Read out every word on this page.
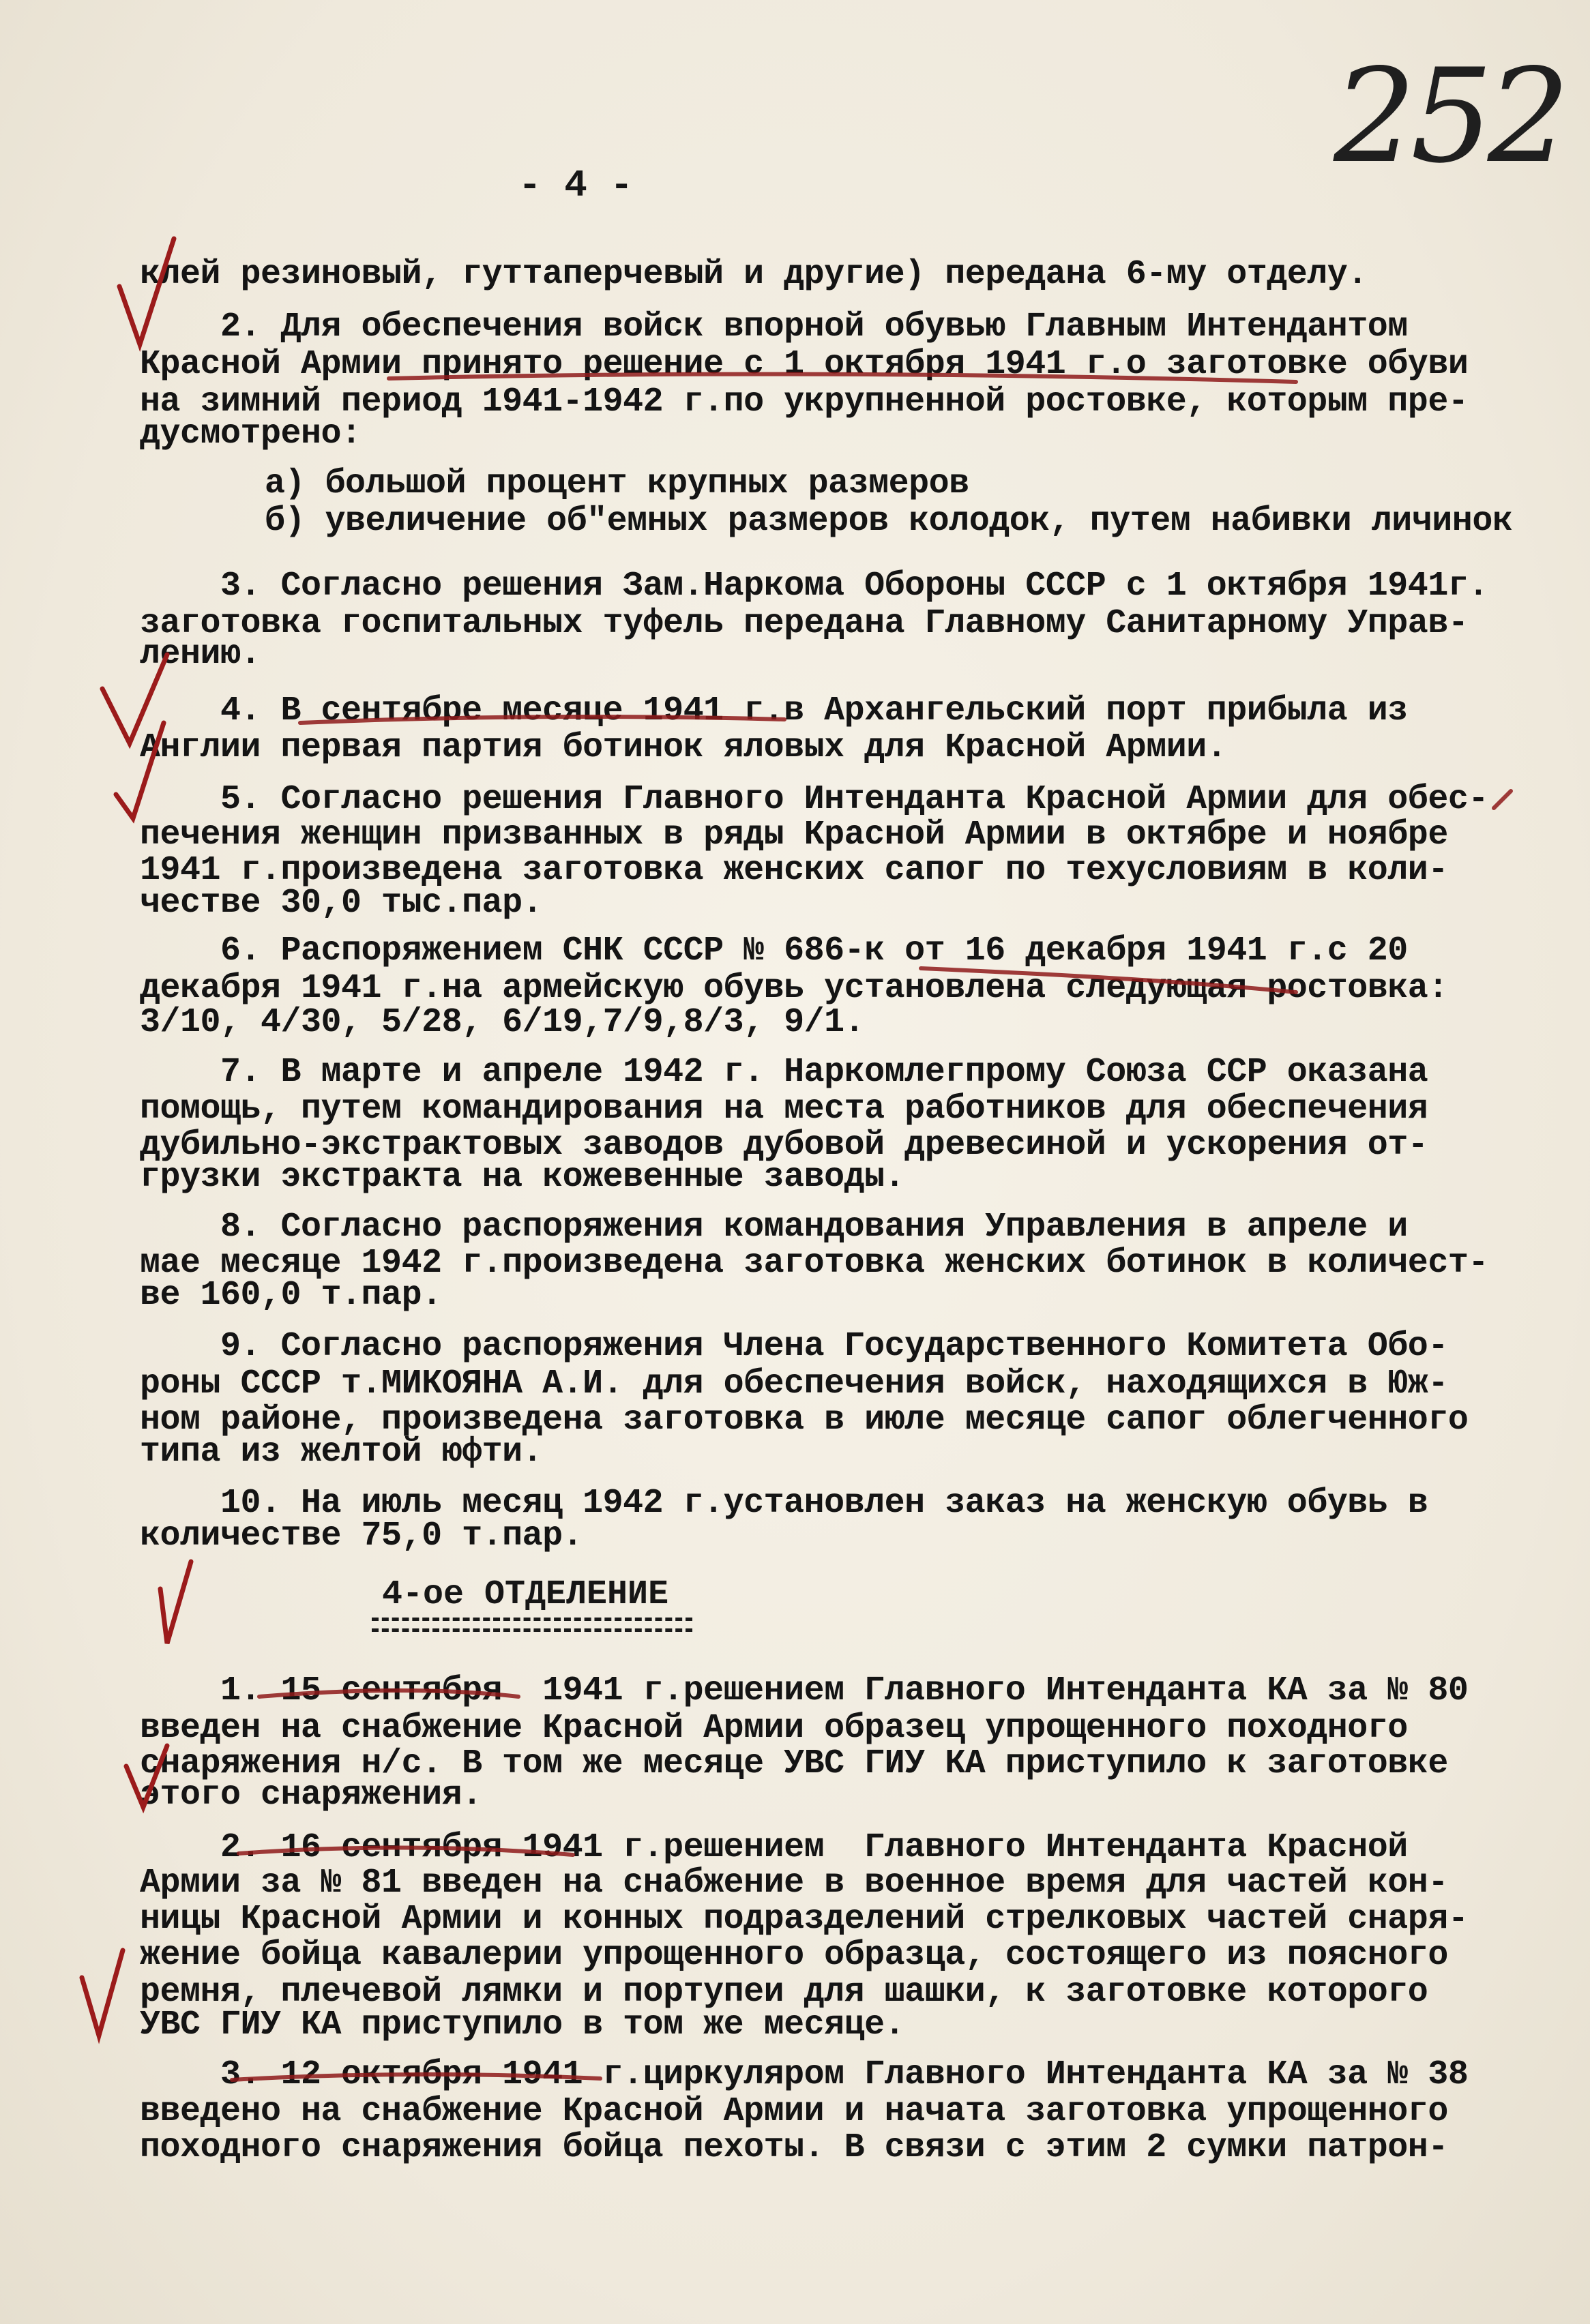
252
- 4 -
клей резиновый, гуттаперчевый и другие) передана 6-му отделу.
2. Для обеспечения войск впорной обувью Главным Интендантом
Красной Армии принято решение с 1 октября 1941 г.о заготовке обуви
на зимний период 1941-1942 г.по укрупненной ростовке, которым пре-
дусмотрено:
а) большой процент крупных размеров
б) увеличение об"емных размеров колодок, путем набивки личинок
3. Согласно решения Зам.Наркома Обороны СССР с 1 октября 1941г.
заготовка госпитальных туфель передана Главному Санитарному Управ-
лению.
4. В сентябре месяце 1941 г.в Архангельский порт прибыла из
Англии первая партия ботинок яловых для Красной Армии.
5. Согласно решения Главного Интенданта Красной Армии для обес-
печения женщин призванных в ряды Красной Армии в октябре и ноябре
1941 г.произведена заготовка женских сапог по техусловиям в коли-
честве 30,0 тыс.пар.
6. Распоряжением СНК СССР № 686-к от 16 декабря 1941 г.с 20
декабря 1941 г.на армейскую обувь установлена следующая ростовка:
3/10, 4/30, 5/28, 6/19,7/9,8/3, 9/1.
7. В марте и апреле 1942 г. Наркомлегпрому Союза ССР оказана
помощь, путем командирования на места работников для обеспечения
дубильно-экстрактовых заводов дубовой древесиной и ускорения от-
грузки экстракта на кожевенные заводы.
8. Согласно распоряжения командования Управления в апреле и
мае месяце 1942 г.произведена заготовка женских ботинок в количест-
ве 160,0 т.пар.
9. Согласно распоряжения Члена Государственного Комитета Обо-
роны СССР т.МИКОЯНА А.И. для обеспечения войск, находящихся в Юж-
ном районе, произведена заготовка в июле месяце сапог облегченного
типа из желтой юфти.
10. На июль месяц 1942 г.установлен заказ на женскую обувь в
количестве 75,0 т.пар.
4-ое ОТДЕЛЕНИЕ
1. 15 сентября  1941 г.решением Главного Интенданта КА за № 80
введен на снабжение Красной Армии образец упрощенного походного
снаряжения н/с. В том же месяце УВС ГИУ КА приступило к заготовке
этого снаряжения.
2. 16 сентября 1941 г.решением  Главного Интенданта Красной
Армии за № 81 введен на снабжение в военное время для частей кон-
ницы Красной Армии и конных подразделений стрелковых частей снаря-
жение бойца кавалерии упрощенного образца, состоящего из поясного
ремня, плечевой лямки и портупеи для шашки, к заготовке которого
УВС ГИУ КА приступило в том же месяце.
3. 12 октября 1941 г.циркуляром Главного Интенданта КА за № 38
введено на снабжение Красной Армии и начата заготовка упрощенного
походного снаряжения бойца пехоты. В связи с этим 2 сумки патрон-
